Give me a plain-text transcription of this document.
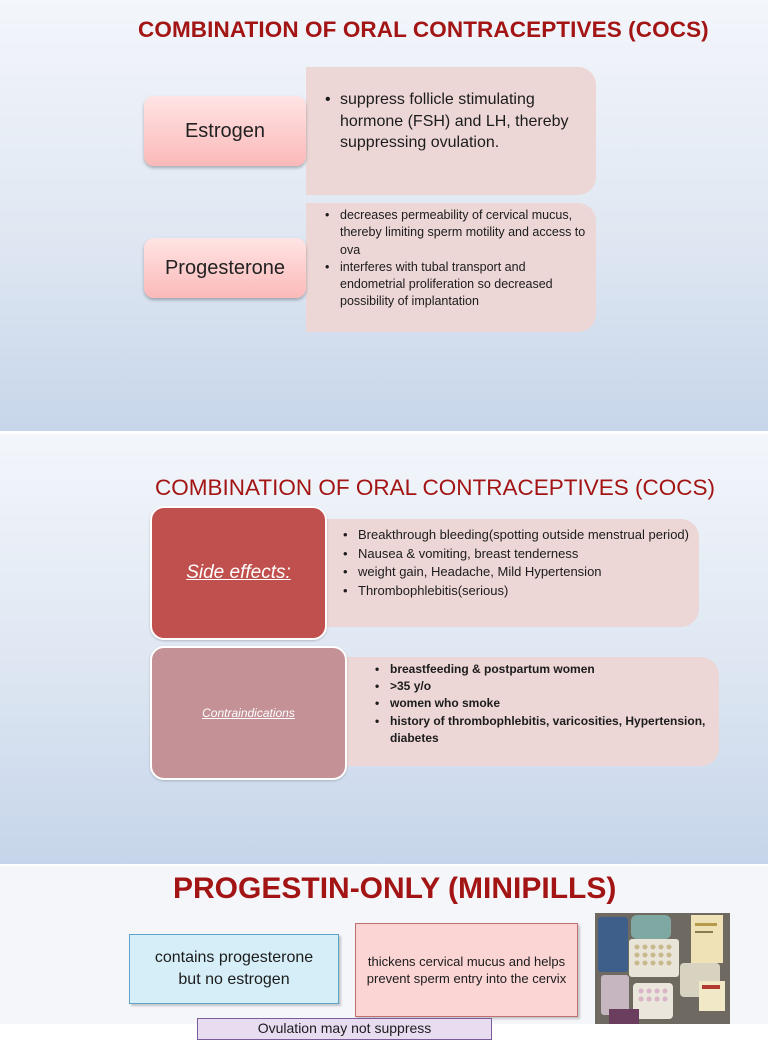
COMBINATION OF ORAL CONTRACEPTIVES (COCS)
• suppress follicle stimulating hormone (FSH) and LH, thereby suppressing ovulation.
Estrogen
• decreases permeability of cervical mucus, thereby limiting sperm motility and access to ova
• interferes with tubal transport and endometrial proliferation so decreased possibility of implantation
Progesterone
COMBINATION OF ORAL CONTRACEPTIVES (COCS)
• Breakthrough bleeding(spotting outside menstrual period)
• Nausea & vomiting, breast tenderness
• weight gain, Headache, Mild Hypertension
• Thrombophlebitis(serious)
Side effects:
• breastfeeding & postpartum women
• >35 y/o
• women who smoke
• history of thrombophlebitis, varicosities, Hypertension, diabetes
Contraindications
PROGESTIN-ONLY (MINIPILLS)
contains progesterone but no estrogen
thickens cervical mucus and helps prevent sperm entry into the cervix
Ovulation may not suppress
